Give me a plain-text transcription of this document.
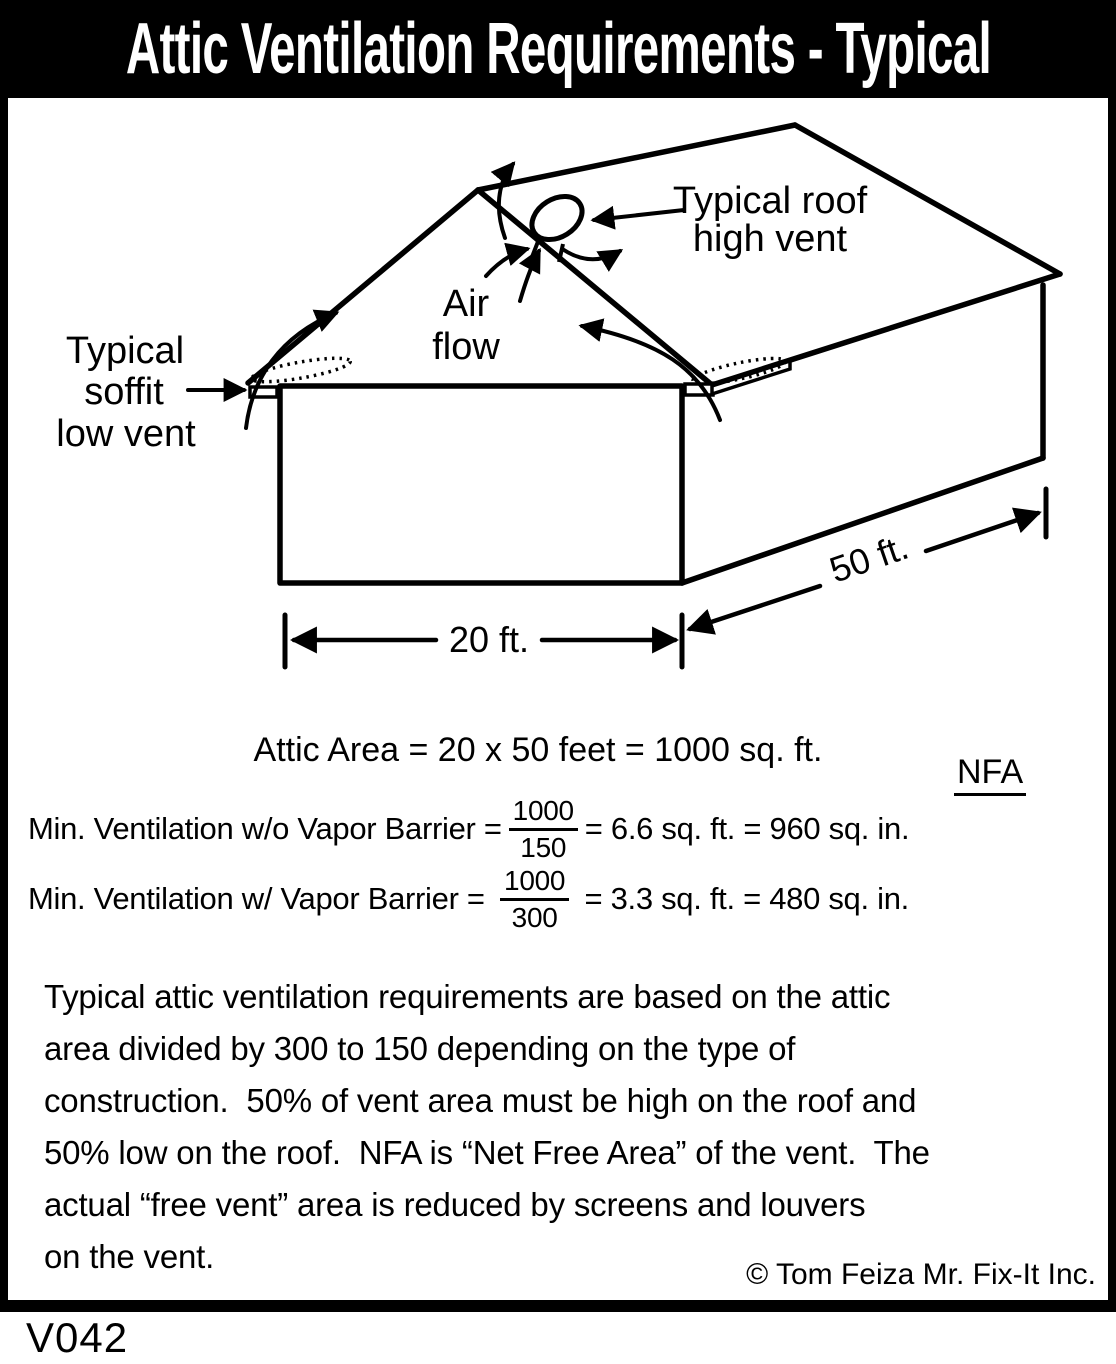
Attic Ventilation Requirements - Typical
Typical roof
high vent
Air
flow
Typical
soffit
low vent
20 ft.
50 ft.
Attic Area = 20 x 50 feet = 1000 sq. ft.
NFA
Min. Ventilation w/o Vapor Barrier = $\frac{1000}{150} = 6.6$ sq. ft. = 960 sq. in.
Min. Ventilation w/ Vapor Barrier = $\frac{1000}{300} = 3.3$ sq. ft. = 480 sq. in.
Typical attic ventilation requirements are based on the attic
area divided by 300 to 150 depending on the type of
construction.  50% of vent area must be high on the roof and
50% low on the roof.  NFA is “Net Free Area” of the vent.  The
actual “free vent” area is reduced by screens and louvers
on the vent.	© Tom Feiza Mr. Fix-It Inc.
V042
